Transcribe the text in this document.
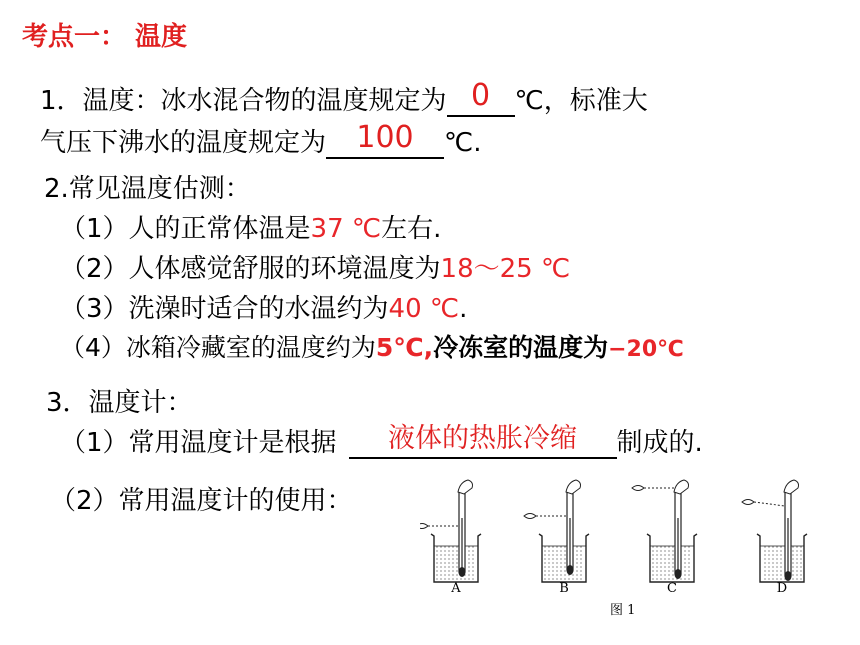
考点一： 温度
1．温度：冰水混合物的温度规定为 0 ℃，标准大
气压下沸水的温度规定为	100	℃.
2.常见温度估测：
（1）人的正常体温是37 ℃左右.
（2）人体感觉舒服的环境温度为18～25 ℃
（3）洗澡时适合的水温约为40 ℃.
（4）冰箱冷藏室的温度约为5℃,冷冻室的温度为−20℃
3．温度计：
（1）常用温度计是根据	液体的热胀冷缩	制成的.
（2）常用温度计的使用：
A	B	C	D
图 1
